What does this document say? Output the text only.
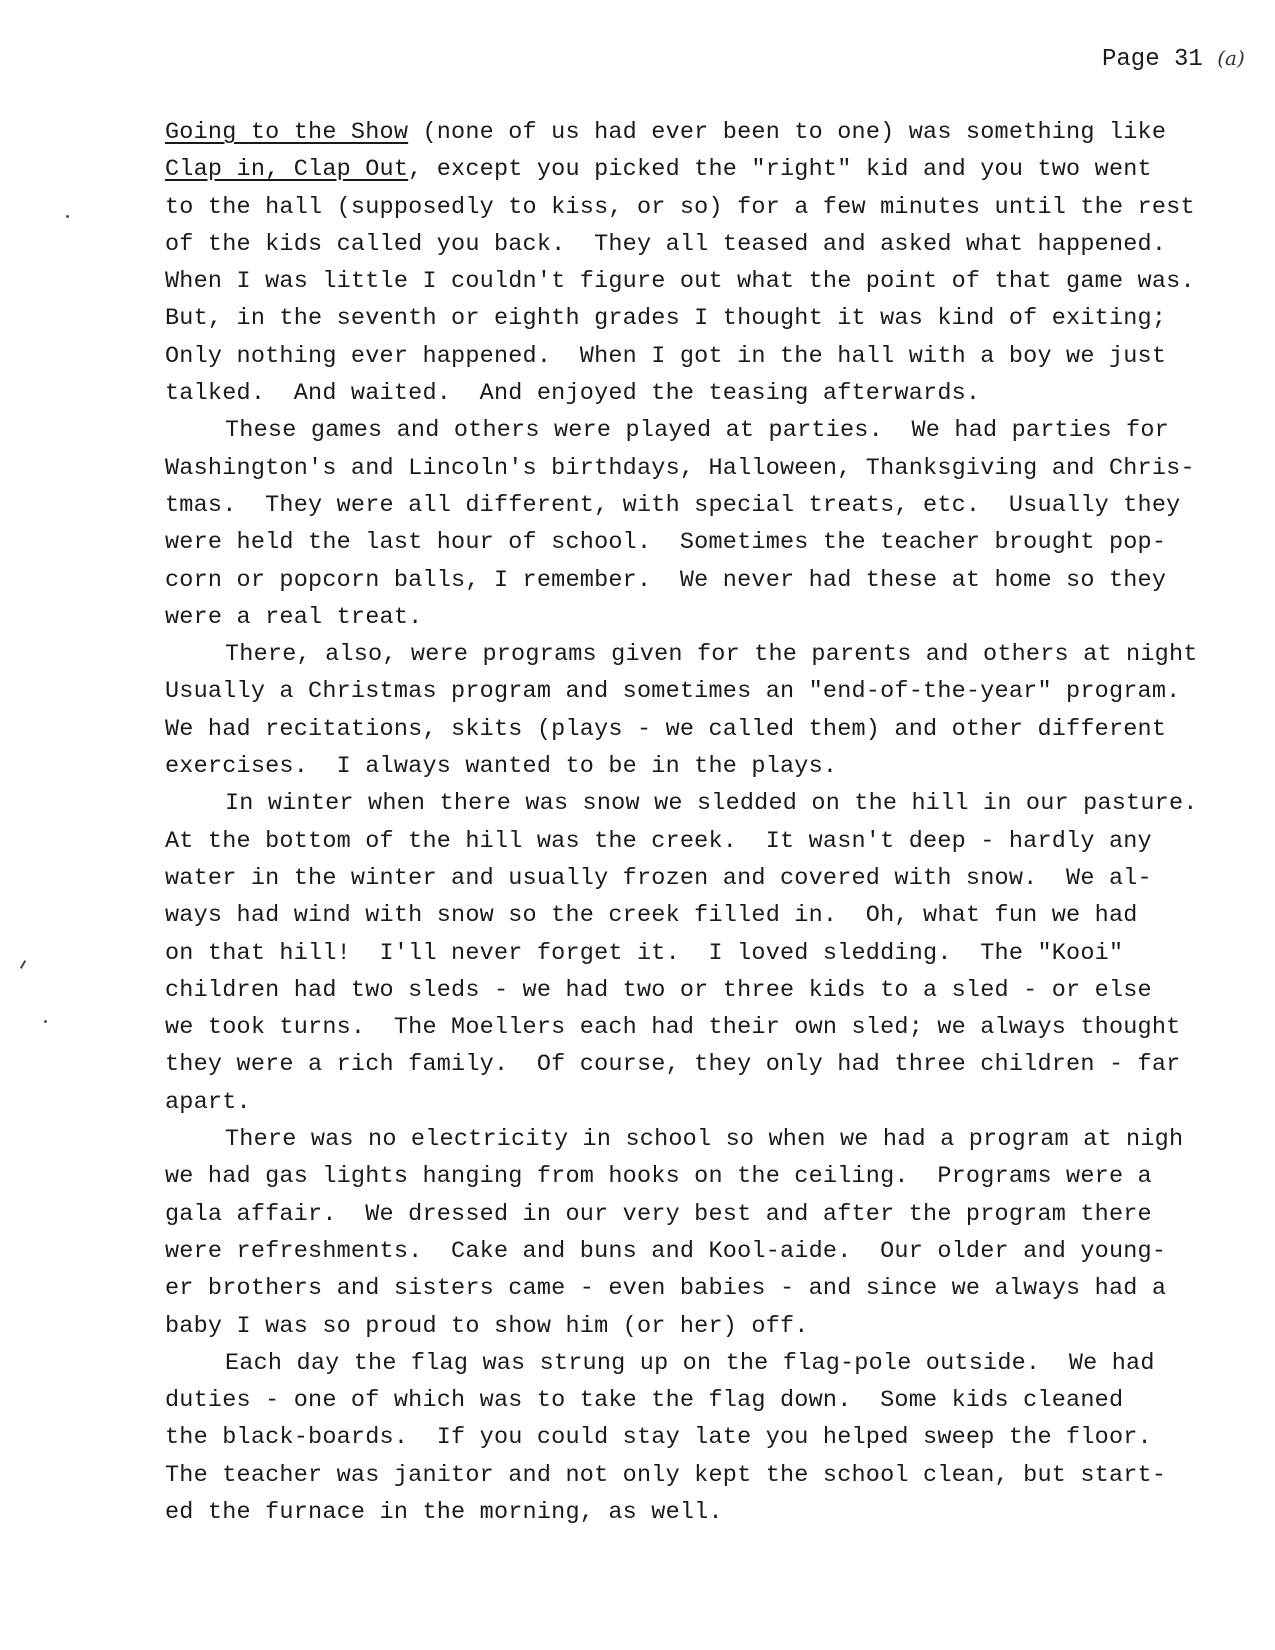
Page 31 (a)
Going to the Show (none of us had ever been to one) was something like
Clap in, Clap Out, except you picked the "right" kid and you two went
to the hall (supposedly to kiss, or so) for a few minutes until the rest
of the kids called you back.  They all teased and asked what happened.
When I was little I couldn't figure out what the point of that game was.
But, in the seventh or eighth grades I thought it was kind of exiting;
Only nothing ever happened.  When I got in the hall with a boy we just
talked.  And waited.  And enjoyed the teasing afterwards.
These games and others were played at parties.  We had parties for
Washington's and Lincoln's birthdays, Halloween, Thanksgiving and Chris-
tmas.  They were all different, with special treats, etc.  Usually they
were held the last hour of school.  Sometimes the teacher brought pop-
corn or popcorn balls, I remember.  We never had these at home so they
were a real treat.
There, also, were programs given for the parents and others at night
Usually a Christmas program and sometimes an "end-of-the-year" program.
We had recitations, skits (plays - we called them) and other different
exercises.  I always wanted to be in the plays.
In winter when there was snow we sledded on the hill in our pasture.
At the bottom of the hill was the creek.  It wasn't deep - hardly any
water in the winter and usually frozen and covered with snow.  We al-
ways had wind with snow so the creek filled in.  Oh, what fun we had
on that hill!  I'll never forget it.  I loved sledding.  The "Kooi"
children had two sleds - we had two or three kids to a sled - or else
we took turns.  The Moellers each had their own sled; we always thought
they were a rich family.  Of course, they only had three children - far
apart.
There was no electricity in school so when we had a program at nigh
we had gas lights hanging from hooks on the ceiling.  Programs were a
gala affair.  We dressed in our very best and after the program there
were refreshments.  Cake and buns and Kool-aide.  Our older and young-
er brothers and sisters came - even babies - and since we always had a
baby I was so proud to show him (or her) off.
Each day the flag was strung up on the flag-pole outside.  We had
duties - one of which was to take the flag down.  Some kids cleaned
the black-boards.  If you could stay late you helped sweep the floor.
The teacher was janitor and not only kept the school clean, but start-
ed the furnace in the morning, as well.
